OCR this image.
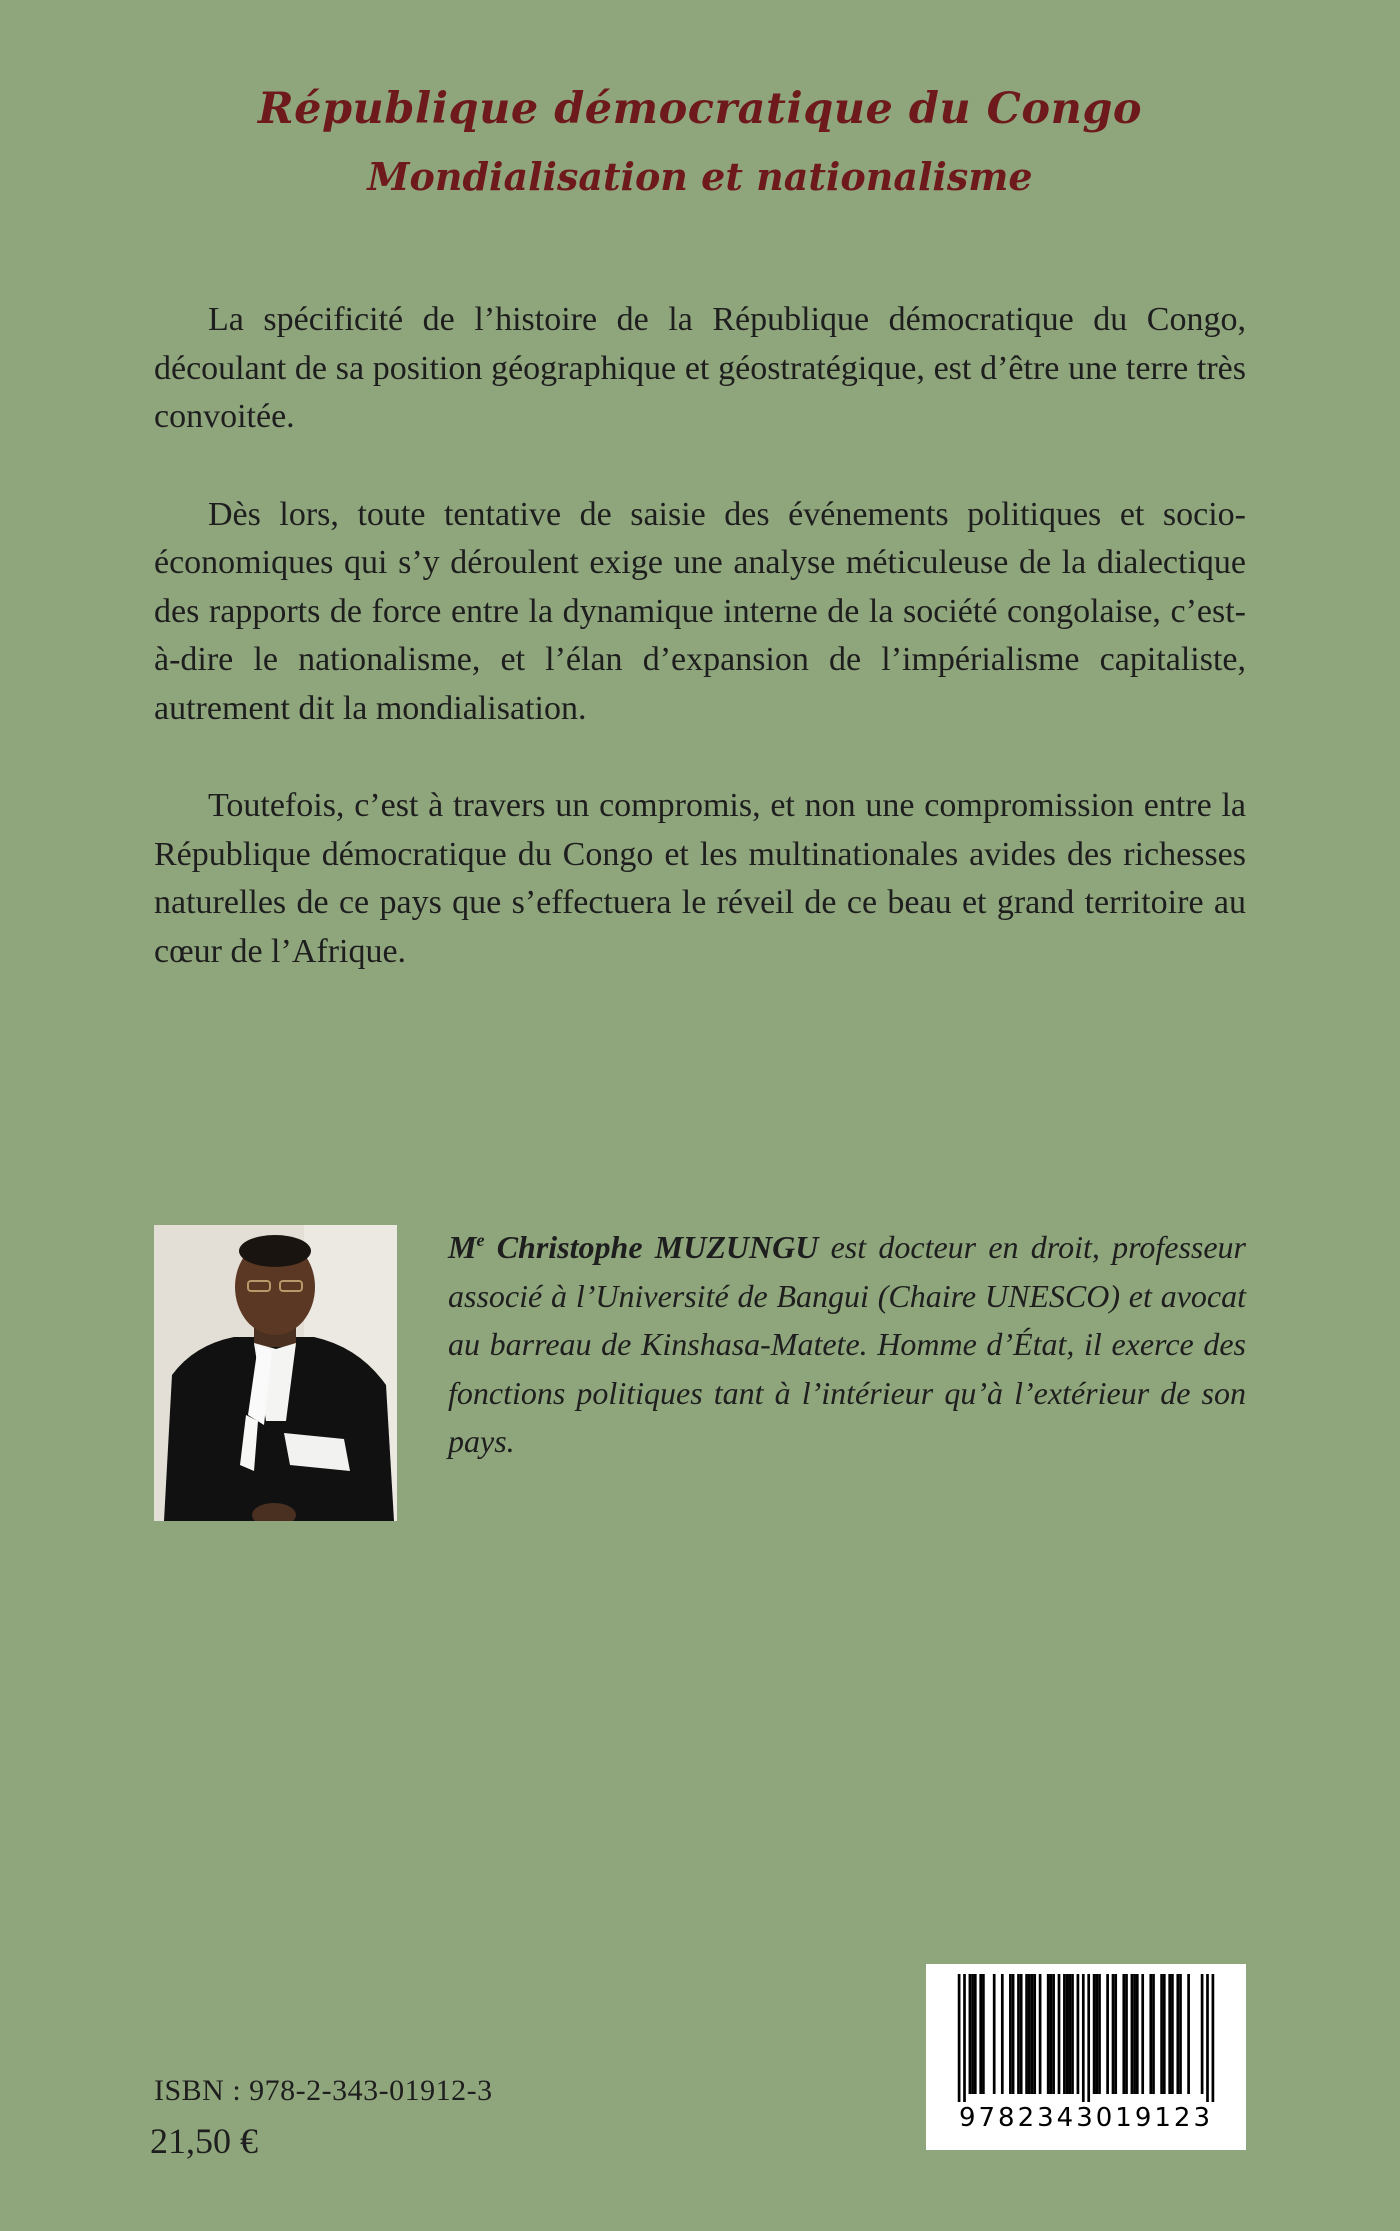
République démocratique du Congo
Mondialisation et nationalisme

La spécificité de l’histoire de la République démocratique du Congo, découlant de sa position géographique et géostratégique, est d’être une terre très convoitée.

Dès lors, toute tentative de saisie des événements politiques et socio-économiques qui s’y déroulent exige une analyse méticuleuse de la dialectique des rapports de force entre la dynamique interne de la société congolaise, c’est-à-dire le nationalisme, et l’élan d’expansion de l’impérialisme capitaliste, autrement dit la mondialisation.

Toutefois, c’est à travers un compromis, et non une compromission entre la République démocratique du Congo et les multinationales avides des richesses naturelles de ce pays que s’effectuera le réveil de ce beau et grand territoire au cœur de l’Afrique.

Me Christophe MUZUNGU est docteur en droit, professeur associé à l’Université de Bangui (Chaire UNESCO) et avocat au barreau de Kinshasa-Matete. Homme d’État, il exerce des fonctions politiques tant à l’intérieur qu’à l’extérieur de son pays.

ISBN : 978-2-343-01912-3
21,50 €
9782343019123
